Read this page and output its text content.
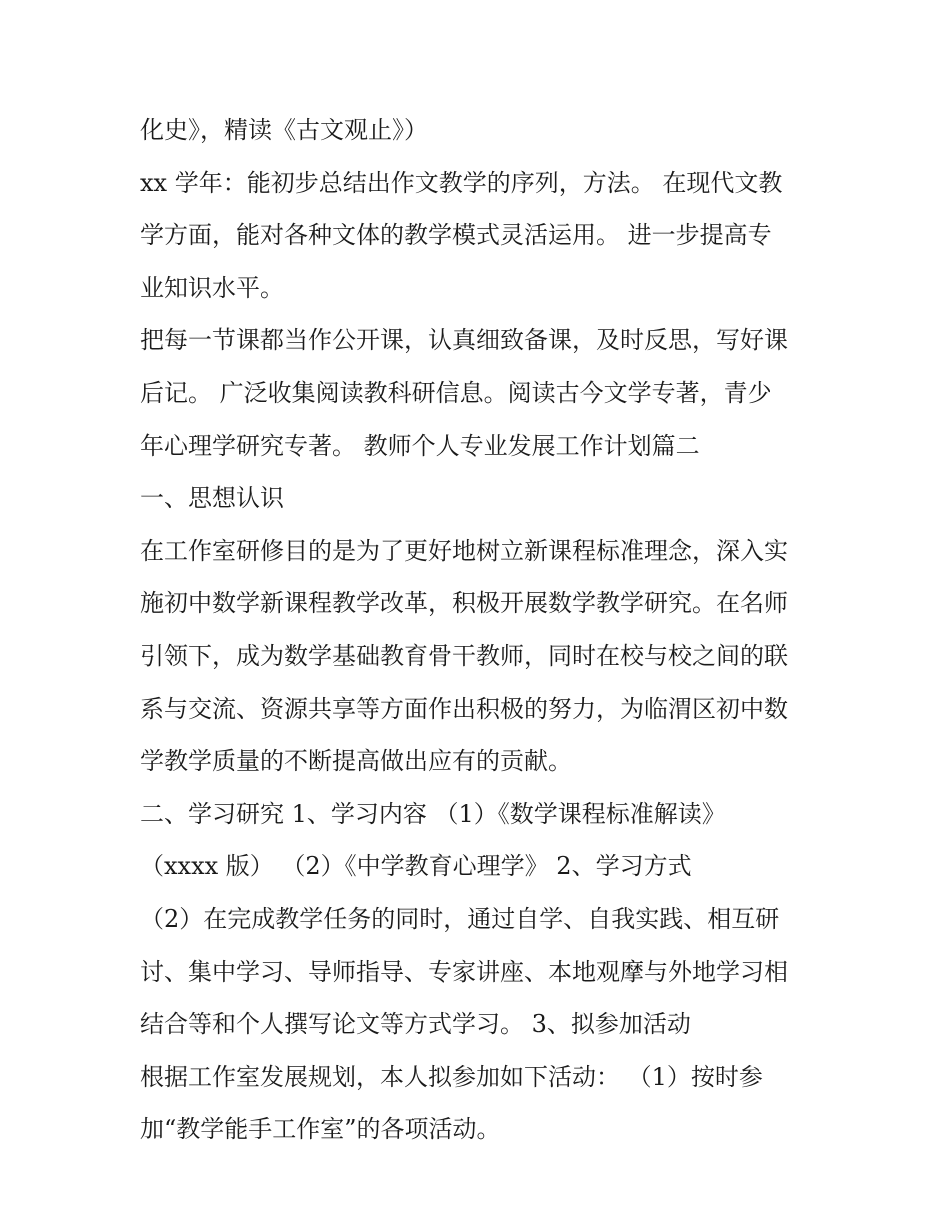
化史》，精读《古文观止》）
xx 学年：能初步总结出作文教学的序列，方法。 在现代文教
学方面，能对各种文体的教学模式灵活运用。 进一步提高专
业知识水平。
把每一节课都当作公开课，认真细致备课，及时反思，写好课
后记。 广泛收集阅读教科研信息。阅读古今文学专著，青少
年心理学研究专著。 教师个人专业发展工作计划篇二
一、思想认识
在工作室研修目的是为了更好地树立新课程标准理念，深入实
施初中数学新课程教学改革，积极开展数学教学研究。在名师
引领下，成为数学基础教育骨干教师，同时在校与校之间的联
系与交流、资源共享等方面作出积极的努力，为临渭区初中数
学教学质量的不断提高做出应有的贡献。
二、学习研究 1、学习内容 （1）《数学课程标准解读》
（xxxx 版） （2）《中学教育心理学》 2、学习方式
（2）在完成教学任务的同时，通过自学、自我实践、相互研
讨、集中学习、导师指导、专家讲座、本地观摩与外地学习相
结合等和个人撰写论文等方式学习。 3、拟参加活动
根据工作室发展规划，本人拟参加如下活动： （1）按时参
加“教学能手工作室”的各项活动。
